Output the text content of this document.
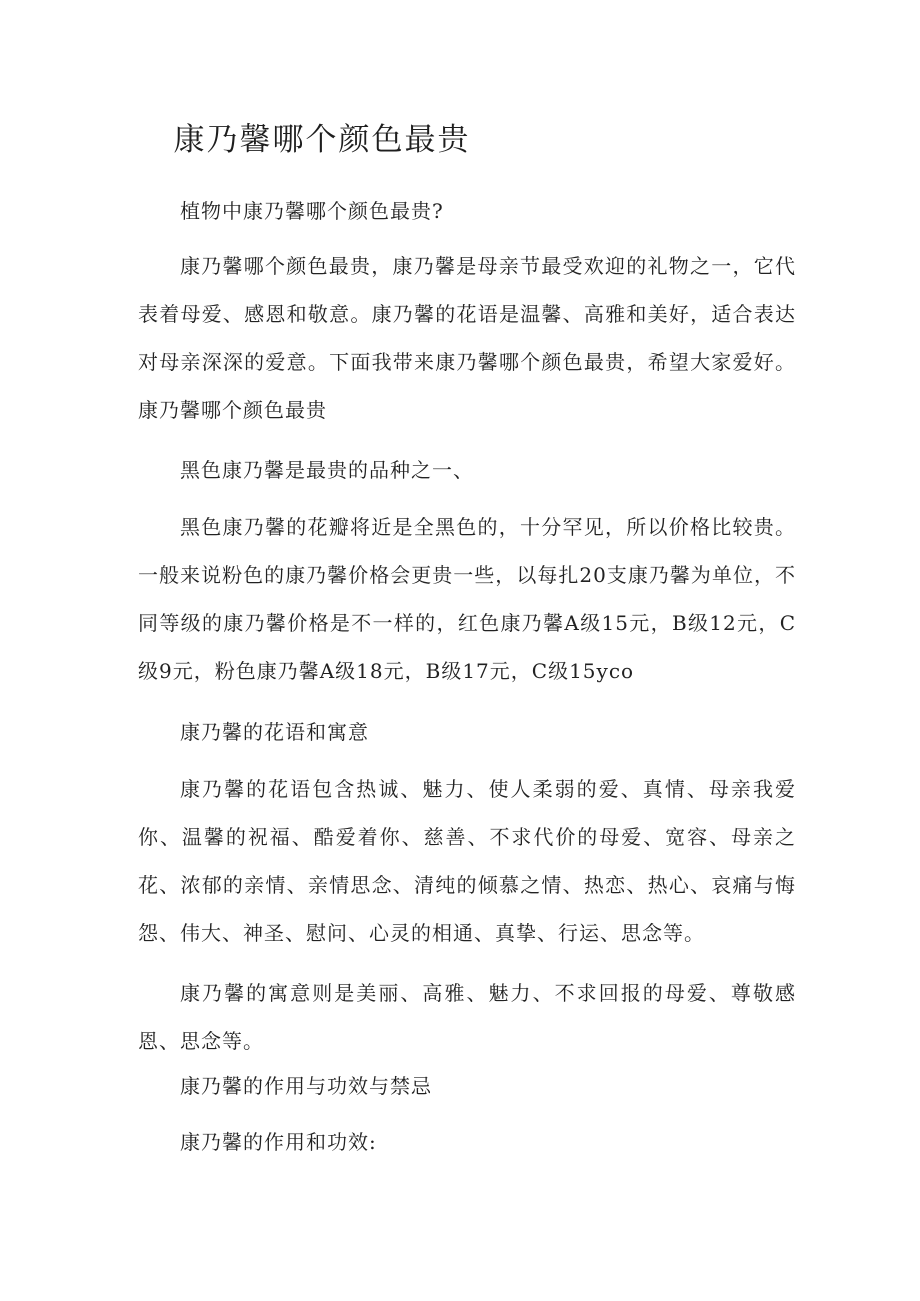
康乃馨哪个颜色最贵

植物中康乃馨哪个颜色最贵?

康乃馨哪个颜色最贵，康乃馨是母亲节最受欢迎的礼物之一，它代表着母爱、感恩和敬意。康乃馨的花语是温馨、高雅和美好，适合表达对母亲深深的爱意。下面我带来康乃馨哪个颜色最贵，希望大家爱好。康乃馨哪个颜色最贵

黑色康乃馨是最贵的品种之一、

黑色康乃馨的花瓣将近是全黑色的，十分罕见，所以价格比较贵。一般来说粉色的康乃馨价格会更贵一些，以每扎20支康乃馨为单位，不同等级的康乃馨价格是不一样的，红色康乃馨A级15元，B级12元，C级9元，粉色康乃馨A级18元，B级17元，C级15yco

康乃馨的花语和寓意

康乃馨的花语包含热诚、魅力、使人柔弱的爱、真情、母亲我爱你、温馨的祝福、酷爱着你、慈善、不求代价的母爱、宽容、母亲之花、浓郁的亲情、亲情思念、清纯的倾慕之情、热恋、热心、哀痛与悔怨、伟大、神圣、慰问、心灵的相通、真挚、行运、思念等。

康乃馨的寓意则是美丽、高雅、魅力、不求回报的母爱、尊敬感恩、思念等。

康乃馨的作用与功效与禁忌

康乃馨的作用和功效:
